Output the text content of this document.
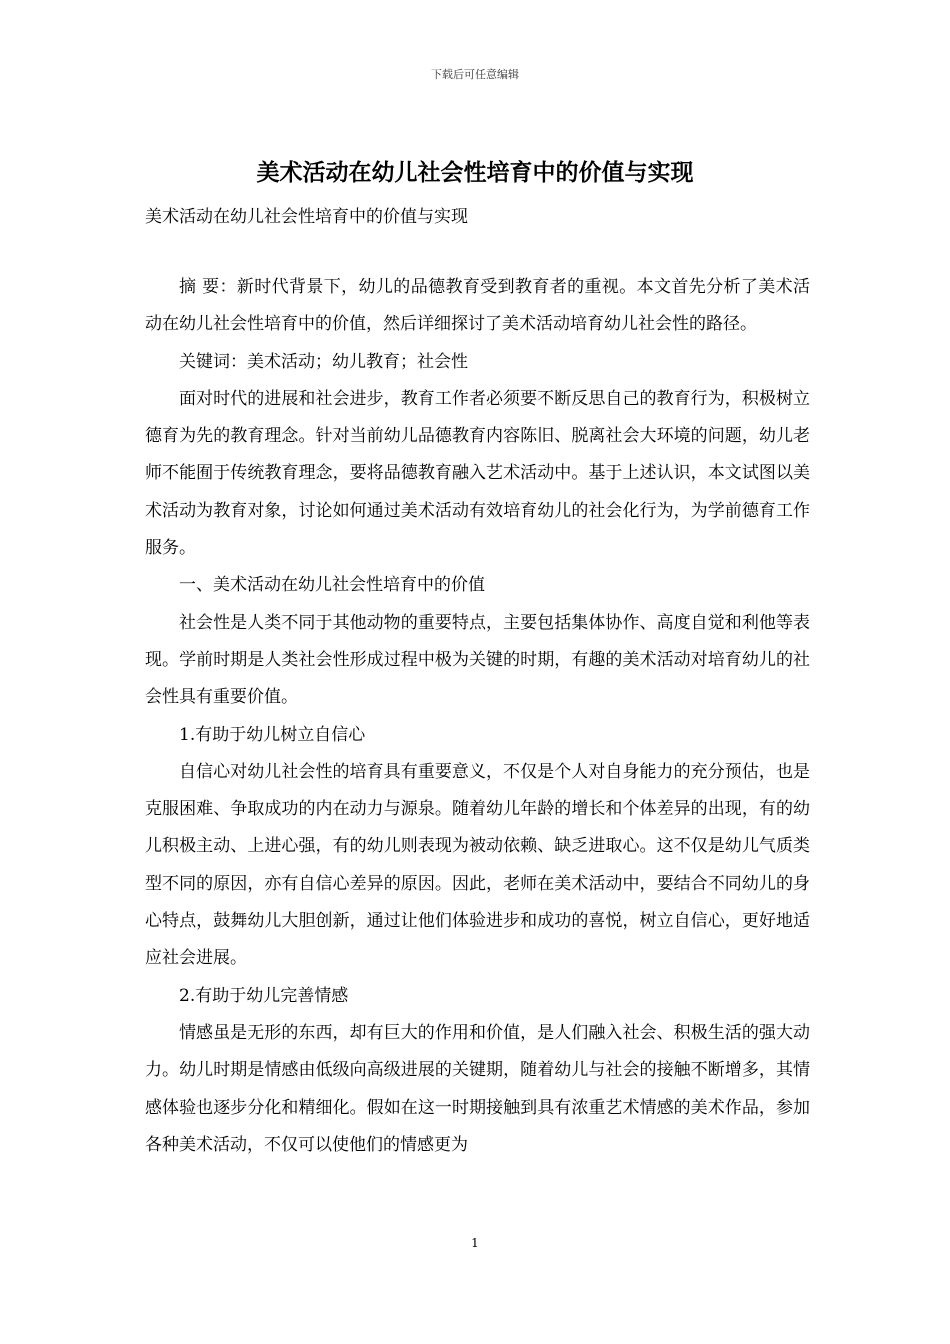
下载后可任意编辑
美术活动在幼儿社会性培育中的价值与实现

美术活动在幼儿社会性培育中的价值与实现

摘 要：新时代背景下，幼儿的品德教育受到教育者的重视。本文首先分析了美术活动在幼儿社会性培育中的价值，然后详细探讨了美术活动培育幼儿社会性的路径。

关键词：美术活动；幼儿教育；社会性

面对时代的进展和社会进步，教育工作者必须要不断反思自己的教育行为，积极树立德育为先的教育理念。针对当前幼儿品德教育内容陈旧、脱离社会大环境的问题，幼儿老师不能囿于传统教育理念，要将品德教育融入艺术活动中。基于上述认识，本文试图以美术活动为教育对象，讨论如何通过美术活动有效培育幼儿的社会化行为，为学前德育工作服务。

一、美术活动在幼儿社会性培育中的价值

社会性是人类不同于其他动物的重要特点，主要包括集体协作、高度自觉和利他等表现。学前时期是人类社会性形成过程中极为关键的时期，有趣的美术活动对培育幼儿的社会性具有重要价值。

1.有助于幼儿树立自信心

自信心对幼儿社会性的培育具有重要意义，不仅是个人对自身能力的充分预估，也是克服困难、争取成功的内在动力与源泉。随着幼儿年龄的增长和个体差异的出现，有的幼儿积极主动、上进心强，有的幼儿则表现为被动依赖、缺乏进取心。这不仅是幼儿气质类型不同的原因，亦有自信心差异的原因。因此，老师在美术活动中，要结合不同幼儿的身心特点，鼓舞幼儿大胆创新，通过让他们体验进步和成功的喜悦，树立自信心，更好地适应社会进展。

2.有助于幼儿完善情感

情感虽是无形的东西，却有巨大的作用和价值，是人们融入社会、积极生活的强大动力。幼儿时期是情感由低级向高级进展的关键期，随着幼儿与社会的接触不断增多，其情感体验也逐步分化和精细化。假如在这一时期接触到具有浓重艺术情感的美术作品，参加各种美术活动，不仅可以使他们的情感更为

1
